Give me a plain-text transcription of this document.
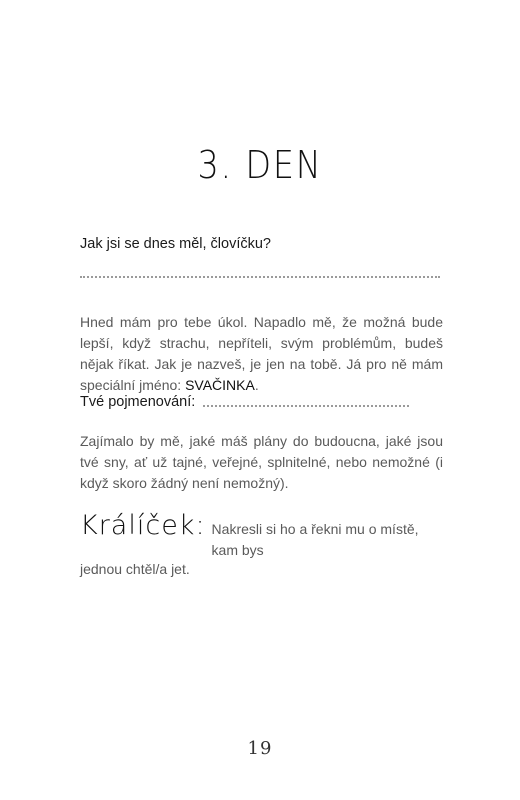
3. DEN
Jak jsi se dnes měl, človíčku?

Hned mám pro tebe úkol. Napadlo mě, že možná bude lepší, když strachu, nepříteli, svým problémům, budeš nějak říkat. Jak je nazveš, je jen na tobě. Já pro ně mám speciální jméno: SVAČINKA.

Tvé pojmenování:

Zajímalo by mě, jaké máš plány do budoucna, jaké jsou tvé sny, ať už tajné, veřejné, splnitelné, nebo nemožné (i když skoro žádný není nemožný).

Králíček: Nakresli si ho a řekni mu o místě, kam bys
jednou chtěl/a jet.
19
